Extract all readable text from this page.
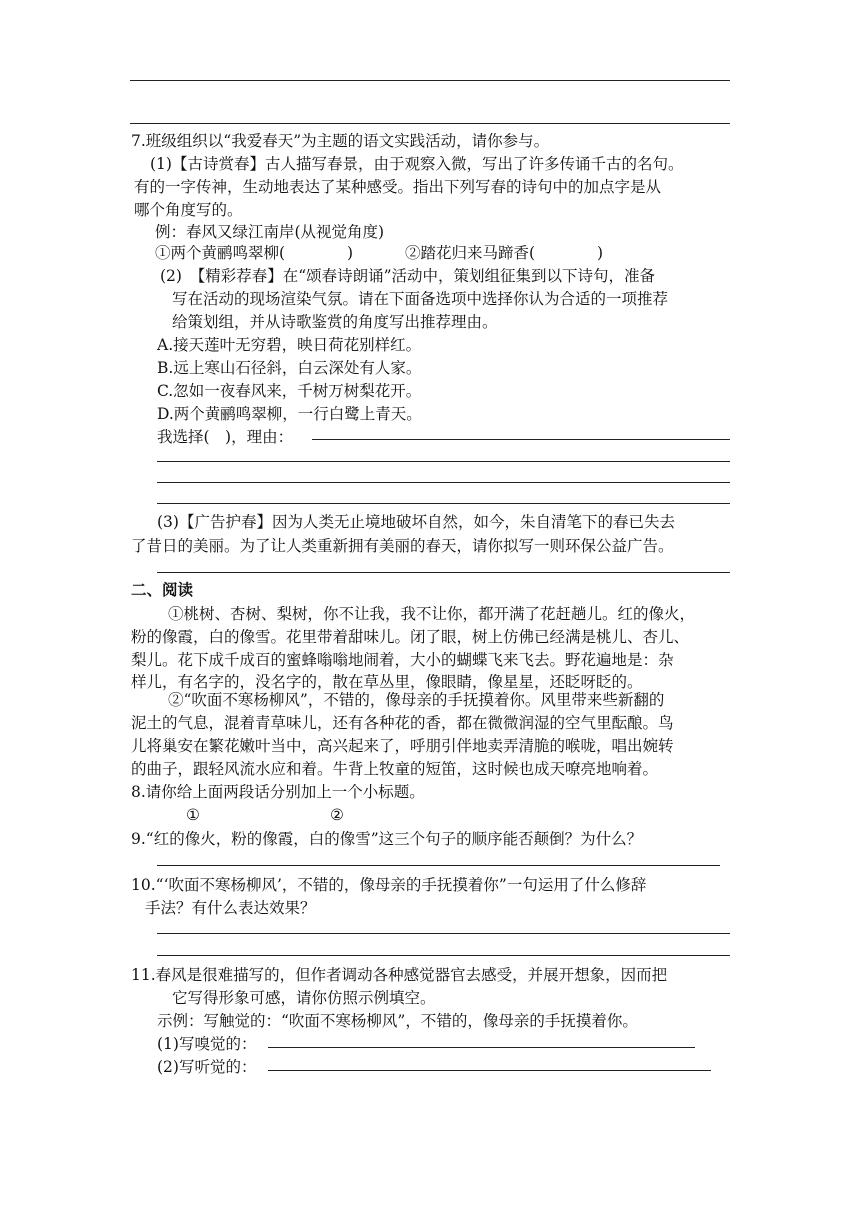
7.班级组织以“我爱春天”为主题的语文实践活动，请你参与。
(1)【古诗赏春】古人描写春景，由于观察入微，写出了许多传诵千古的名句。
有的一字传神，生动地表达了某种感受。指出下列写春的诗句中的加点字是从
哪个角度写的。
例：春风又绿江南岸(从视觉角度)
①两个黄鹂鸣翠柳(　　　　)	②踏花归来马蹄香(　　　　)
(2)　【精彩荐春】在“颂春诗朗诵”活动中，策划组征集到以下诗句，准备
写在活动的现场渲染气氛。请在下面备选项中选择你认为合适的一项推荐
给策划组，并从诗歌鉴赏的角度写出推荐理由。
A.接天莲叶无穷碧，映日荷花别样红。
B.远上寒山石径斜，白云深处有人家。
C.忽如一夜春风来，千树万树梨花开。
D.两个黄鹂鸣翠柳，一行白鹭上青天。
我选择(　)，理由：
(3)【广告护春】因为人类无止境地破坏自然，如今，朱自清笔下的春已失去
了昔日的美丽。为了让人类重新拥有美丽的春天，请你拟写一则环保公益广告。
二、阅读
①桃树、杏树、梨树，你不让我，我不让你，都开满了花赶趟儿。红的像火，
粉的像霞，白的像雪。花里带着甜味儿。闭了眼，树上仿佛已经满是桃儿、杏儿、
梨儿。花下成千成百的蜜蜂嗡嗡地闹着，大小的蝴蝶飞来飞去。野花遍地是：杂
样儿，有名字的，没名字的，散在草丛里，像眼睛，像星星，还眨呀眨的。
②“吹面不寒杨柳风”，不错的，像母亲的手抚摸着你。风里带来些新翻的
泥土的气息，混着青草味儿，还有各种花的香，都在微微润湿的空气里酝酿。鸟
儿将巢安在繁花嫩叶当中，高兴起来了，呼朋引伴地卖弄清脆的喉咙，唱出婉转
的曲子，跟轻风流水应和着。牛背上牧童的短笛，这时候也成天嘹亮地响着。
8.请你给上面两段话分别加上一个小标题。
①	②
9.“红的像火，粉的像霞，白的像雪”这三个句子的顺序能否颠倒？为什么？
10.“‘吹面不寒杨柳风’，不错的，像母亲的手抚摸着你”一句运用了什么修辞
手法？有什么表达效果？
11.春风是很难描写的，但作者调动各种感觉器官去感受，并展开想象，因而把
它写得形象可感，请你仿照示例填空。
示例：写触觉的：“吹面不寒杨柳风”，不错的，像母亲的手抚摸着你。
(1)写嗅觉的：
(2)写听觉的：
